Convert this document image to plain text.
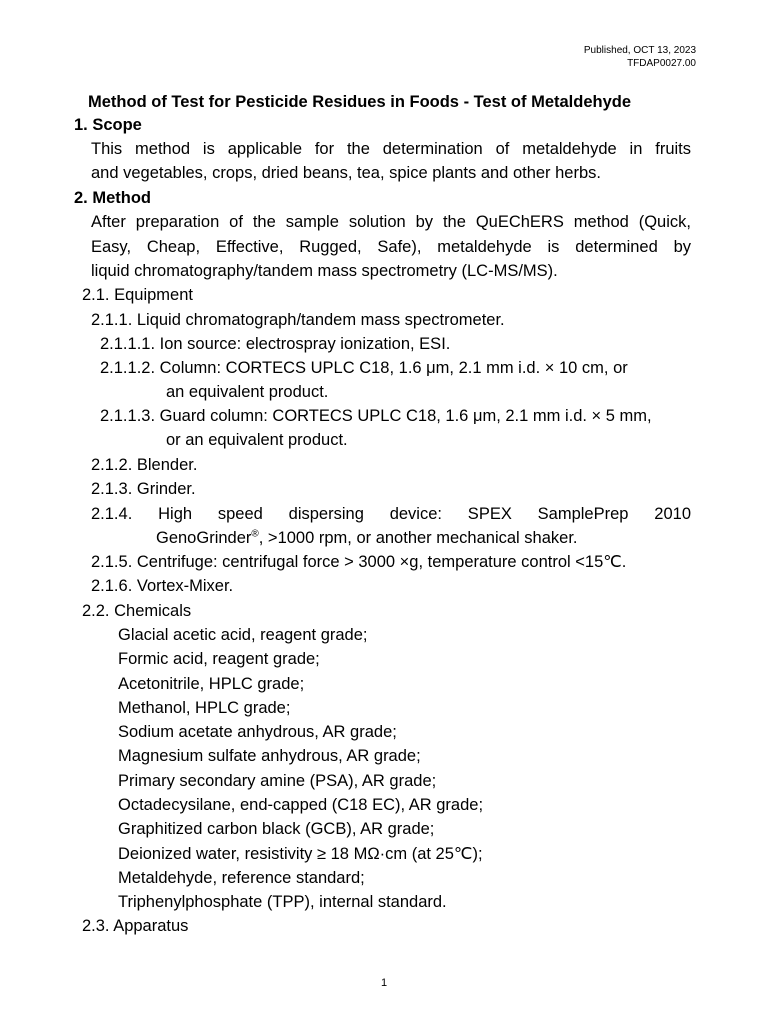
Published, OCT 13, 2023
TFDAP0027.00
Method of Test for Pesticide Residues in Foods - Test of Metaldehyde
1. Scope
This method is applicable for the determination of metaldehyde in fruits
and vegetables, crops, dried beans, tea, spice plants and other herbs.
2. Method
After preparation of the sample solution by the QuEChERS method (Quick,
Easy, Cheap, Effective, Rugged, Safe), metaldehyde is determined by
liquid chromatography/tandem mass spectrometry (LC-MS/MS).
2.1. Equipment
2.1.1. Liquid chromatograph/tandem mass spectrometer.
2.1.1.1. Ion source: electrospray ionization, ESI.
2.1.1.2. Column: CORTECS UPLC C18, 1.6 μm, 2.1 mm i.d. × 10 cm, or
an equivalent product.
2.1.1.3. Guard column: CORTECS UPLC C18, 1.6 μm, 2.1 mm i.d. × 5 mm,
or an equivalent product.
2.1.2. Blender.
2.1.3. Grinder.
2.1.4. High speed dispersing device: SPEX SamplePrep 2010
GenoGrinder®, >1000 rpm, or another mechanical shaker.
2.1.5. Centrifuge: centrifugal force > 3000 ×g, temperature control <15℃.
2.1.6. Vortex-Mixer.
2.2. Chemicals
Glacial acetic acid, reagent grade;
Formic acid, reagent grade;
Acetonitrile, HPLC grade;
Methanol, HPLC grade;
Sodium acetate anhydrous, AR grade;
Magnesium sulfate anhydrous, AR grade;
Primary secondary amine (PSA), AR grade;
Octadecysilane, end-capped (C18 EC), AR grade;
Graphitized carbon black (GCB), AR grade;
Deionized water, resistivity ≥ 18 MΩ·cm (at 25℃);
Metaldehyde, reference standard;
Triphenylphosphate (TPP), internal standard.
2.3. Apparatus
1
